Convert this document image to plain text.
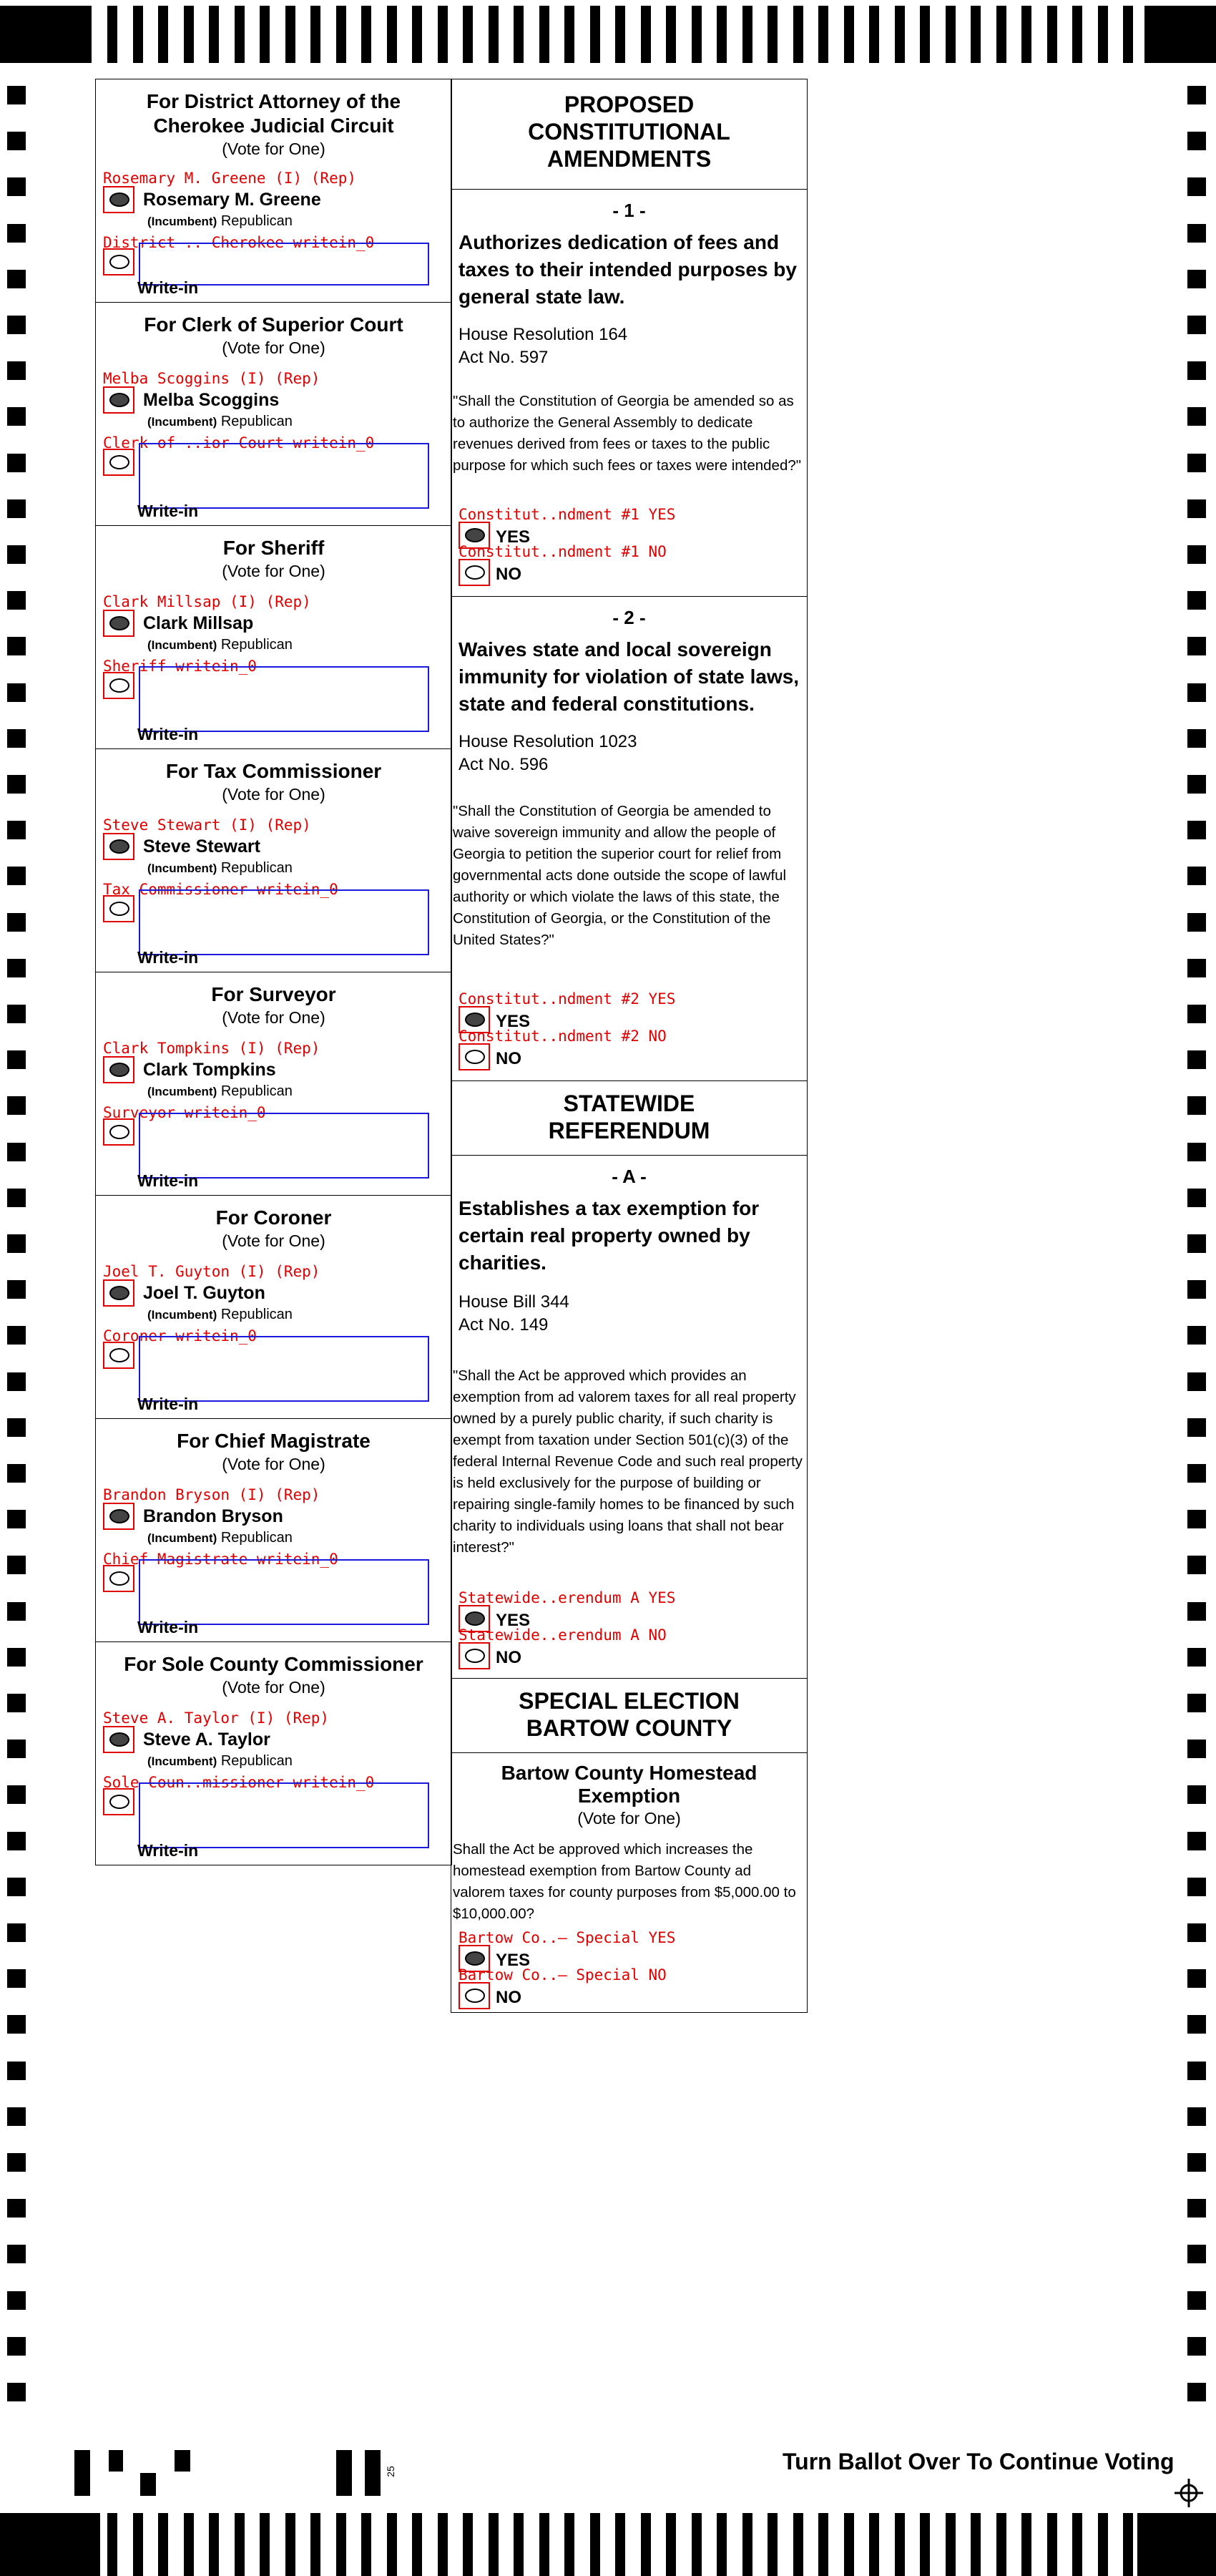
For District Attorney of the
Cherokee Judicial Circuit
(Vote for One)
Rosemary M. Greene (I) (Rep)
Rosemary M. Greene
(Incumbent) Republican
District .. Cherokee writein_0
Write-in
For Clerk of Superior Court
(Vote for One)
Melba Scoggins (I) (Rep)
Melba Scoggins
(Incumbent) Republican
Clerk of ..ior Court writein_0
Write-in
For Sheriff
(Vote for One)
Clark Millsap (I) (Rep)
Clark Millsap
(Incumbent) Republican
Sheriff writein_0
Write-in
For Tax Commissioner
(Vote for One)
Steve Stewart (I) (Rep)
Steve Stewart
(Incumbent) Republican
Tax Commissioner writein_0
Write-in
For Surveyor
(Vote for One)
Clark Tompkins (I) (Rep)
Clark Tompkins
(Incumbent) Republican
Surveyor writein_0
Write-in
For Coroner
(Vote for One)
Joel T. Guyton (I) (Rep)
Joel T. Guyton
(Incumbent) Republican
Coroner writein_0
Write-in
For Chief Magistrate
(Vote for One)
Brandon Bryson (I) (Rep)
Brandon Bryson
(Incumbent) Republican
Chief Magistrate writein_0
Write-in
For Sole County Commissioner
(Vote for One)
Steve A. Taylor (I) (Rep)
Steve A. Taylor
(Incumbent) Republican
Sole Coun..missioner writein_0
Write-in
PROPOSED
CONSTITUTIONAL
AMENDMENTS
- 1 -
Authorizes dedication of fees and taxes to their intended purposes by general state law.
House Resolution 164
Act No. 597
"Shall the Constitution of Georgia be amended so as to authorize the General Assembly to dedicate revenues derived from fees or taxes to the public purpose for which such fees or taxes were intended?"
Constitut..ndment #1 YES
YES
Constitut..ndment #1 NO
NO
- 2 -
Waives state and local sovereign immunity for violation of state laws, state and federal constitutions.
House Resolution 1023
Act No. 596
"Shall the Constitution of Georgia be amended to waive sovereign immunity and allow the people of Georgia to petition the superior court for relief from governmental acts done outside the scope of lawful authority or which violate the laws of this state, the Constitution of Georgia, or the Constitution of the United States?"
Constitut..ndment #2 YES
YES
Constitut..ndment #2 NO
NO
STATEWIDE
REFERENDUM
- A -
Establishes a tax exemption for certain real property owned by charities.
House Bill 344
Act No. 149
"Shall the Act be approved which provides an exemption from ad valorem taxes for all real property owned by a purely public charity, if such charity is exempt from taxation under Section 501(c)(3) of the federal Internal Revenue Code and such real property is held exclusively for the purpose of building or repairing single-family homes to be financed by such charity to individuals using loans that shall not bear interest?"
Statewide..erendum A YES
YES
Statewide..erendum A NO
NO
SPECIAL ELECTION
BARTOW COUNTY
Bartow County Homestead Exemption
(Vote for One)
Shall the Act be approved which increases the homestead exemption from Bartow County ad valorem taxes for county purposes from $5,000.00 to $10,000.00?
Bartow Co..– Special YES
YES
Bartow Co..– Special NO
NO
Turn Ballot Over To Continue Voting
25
